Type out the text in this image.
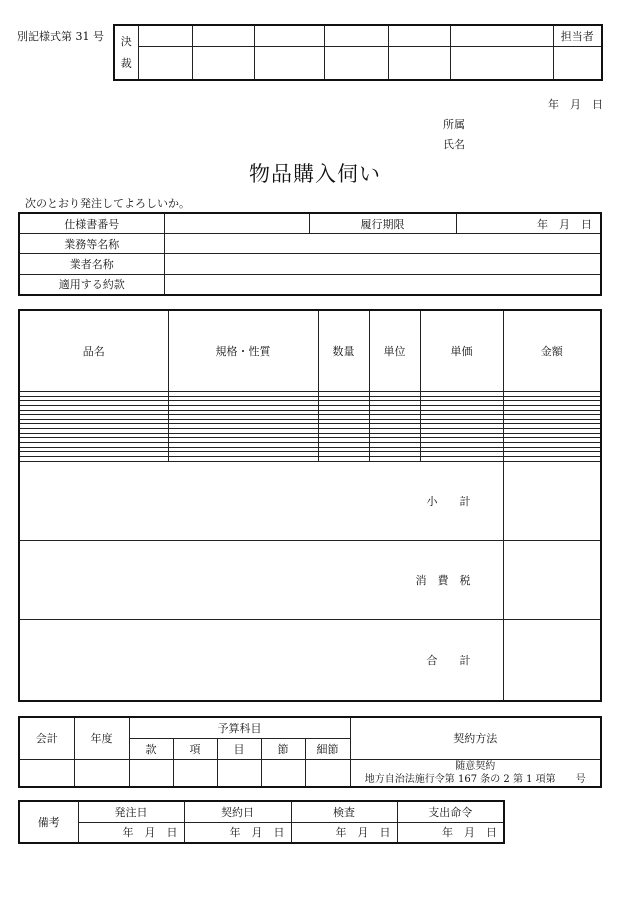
別記様式第 31 号	決
裁							担当者

年　月　日
所属
氏名
物品購入伺い
次のとおり発注してよろしいか。
仕様書番号		履行期限	年　月　日
業務等名称			
業者名称			
適用する約款			
品名	規格・性質	数量	単位	単価	金額

小　　計					
消　費　税					
合　　計					
会計	年度	予算科目					契約方法
		款	項	目	節	細節	

							随意契約
地方自治法施行令第 167 条の 2 第 1 項第　　号
備考	発注日	契約日	検査	支出命令
	年　月　日	年　月　日	年　月　日	年　月　日
